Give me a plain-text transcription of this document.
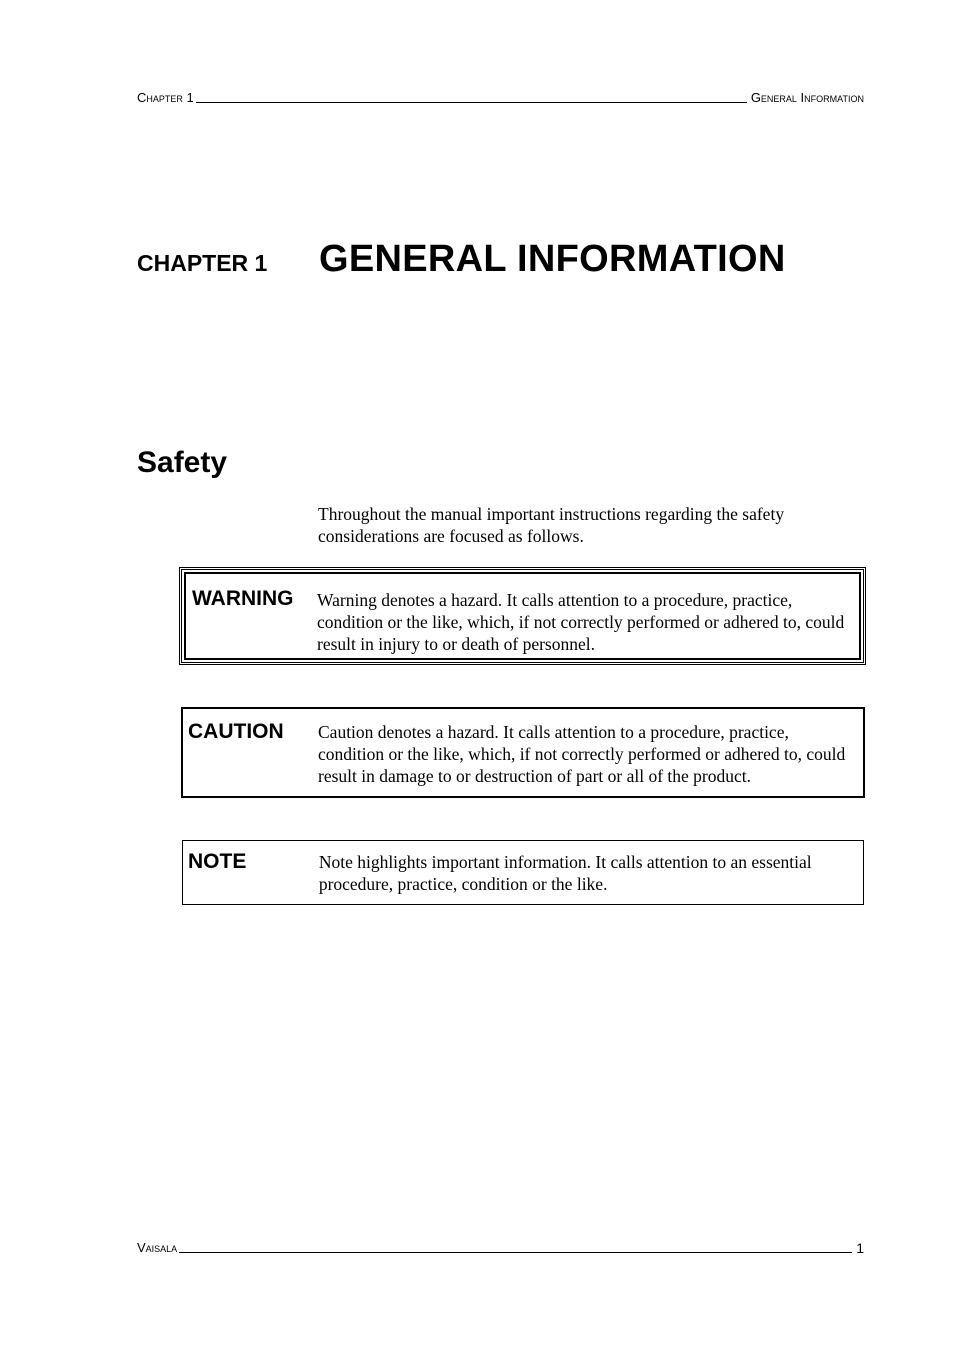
Chapter 1	General Information
CHAPTER 1	GENERAL INFORMATION
Safety
Throughout the manual important instructions regarding the safety considerations are focused as follows.
WARNING	Warning denotes a hazard. It calls attention to a procedure, practice, condition or the like, which, if not correctly performed or adhered to, could result in injury to or death of personnel.
CAUTION	Caution denotes a hazard. It calls attention to a procedure, practice, condition or the like, which, if not correctly performed or adhered to, could result in damage to or destruction of part or all of the product.
NOTE	Note highlights important information. It calls attention to an essential procedure, practice, condition or the like.
Vaisala	1
